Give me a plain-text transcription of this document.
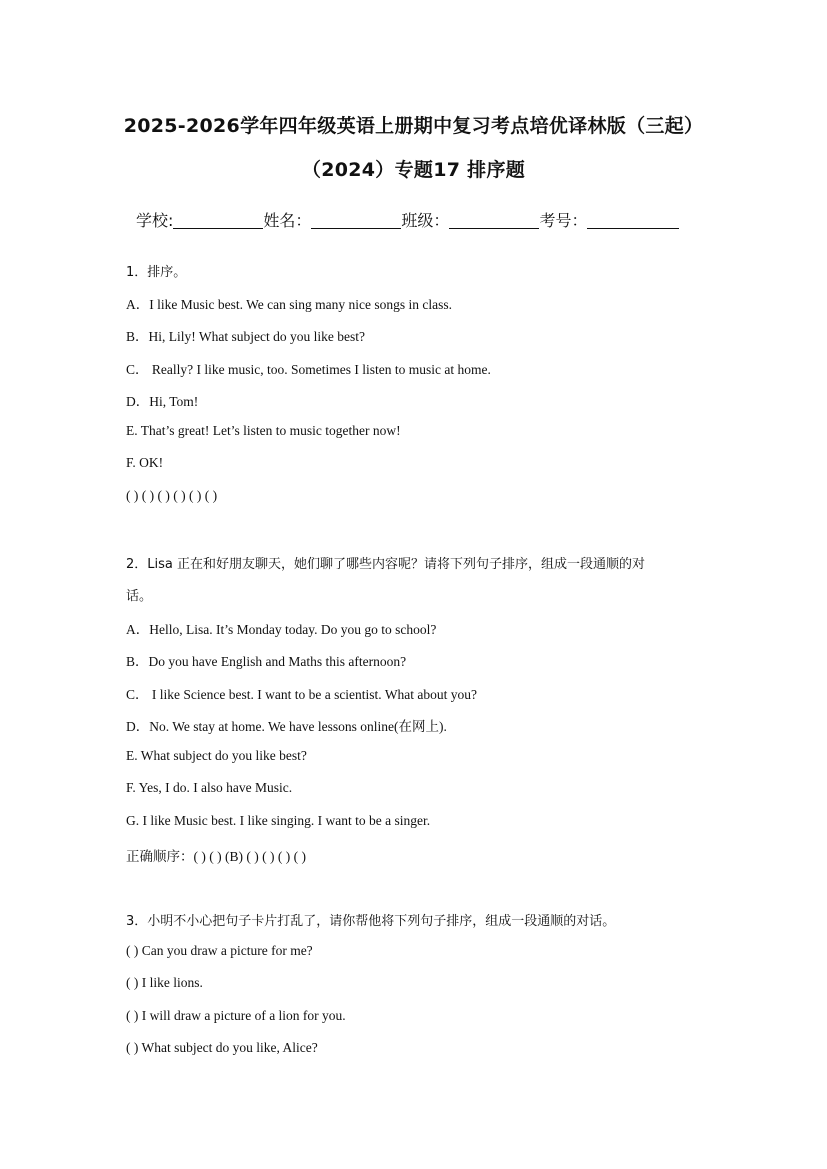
2025-2026学年四年级英语上册期中复习考点培优译林版（三起）
（2024）专题17 排序题
学校:	姓名：	班级：	考号：
1．排序。
A．I like Music best. We can sing many nice songs in class.
B．Hi, Lily! What subject do you like best?
C． Really? I like music, too. Sometimes I listen to music at home.
D．Hi, Tom!
E. That’s great! Let’s listen to music together now!
F. OK!
( ) ( ) ( ) ( ) ( ) ( )
2．Lisa 正在和好朋友聊天，她们聊了哪些内容呢？请将下列句子排序，组成一段通顺的对
话。
A．Hello, Lisa. It’s Monday today. Do you go to school?
B．Do you have English and Maths this afternoon?
C． I like Science best. I want to be a scientist. What about you?
D．No. We stay at home. We have lessons online(在网上).
E. What subject do you like best?
F. Yes, I do. I also have Music.
G. I like Music best. I like singing. I want to be a singer.
正确顺序：( ) ( ) (B) ( ) ( ) ( ) ( )
3．小明不小心把句子卡片打乱了，请你帮他将下列句子排序，组成一段通顺的对话。
( ) Can you draw a picture for me?
( ) I like lions.
( ) I will draw a picture of a lion for you.
( ) What subject do you like, Alice?
